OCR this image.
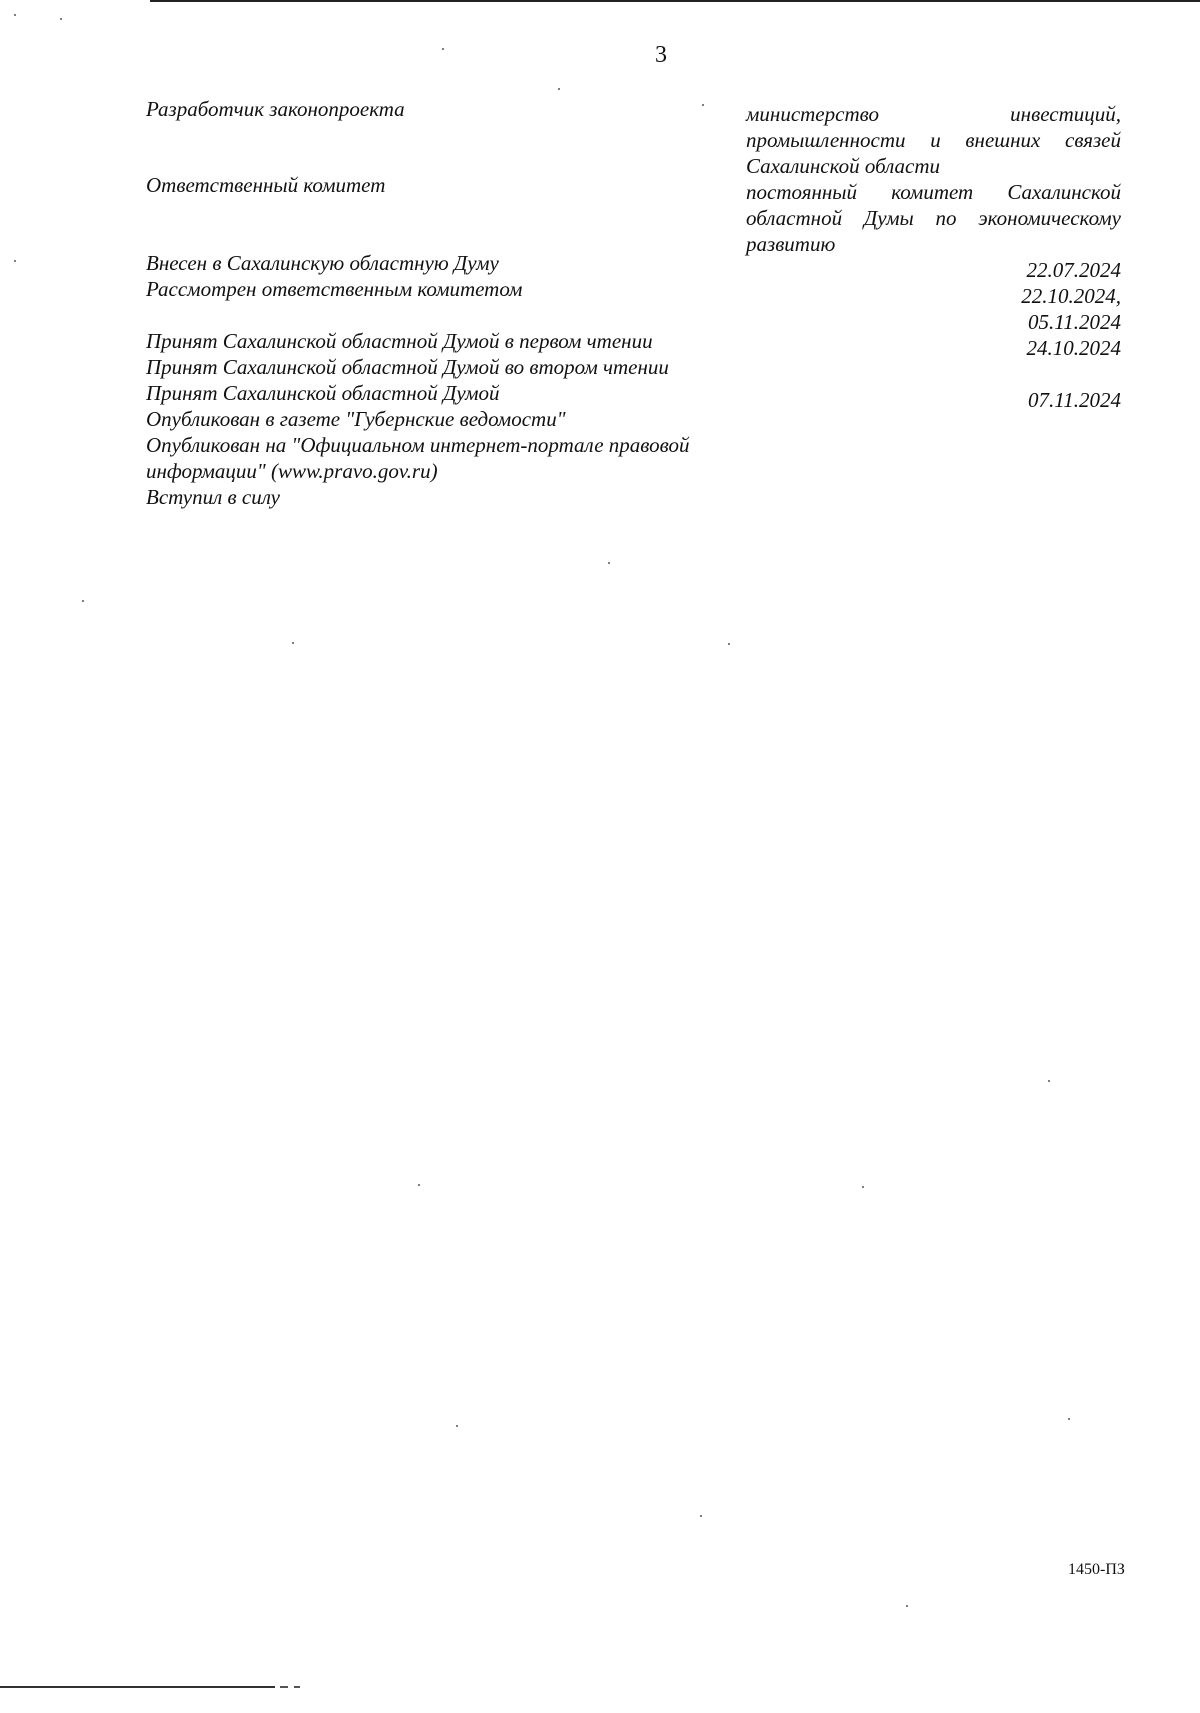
3
Разработчик законопроекта
Ответственный комитет
Внесен в Сахалинскую областную Думу
Рассмотрен ответственным комитетом
Принят Сахалинской областной Думой в первом чтении
Принят Сахалинской областной Думой во втором чтении
Принят Сахалинской областной Думой
Опубликован в газете "Губернские ведомости"
Опубликован на "Официальном интернет-портале правовой
информации" (www.pravo.gov.ru)
Вступил в силу
министерство инвестиций,
промышленности и внешних связей
Сахалинской области
постоянный комитет Сахалинской
областной Думы по экономическому
развитию
22.07.2024
22.10.2024,
05.11.2024
24.10.2024
07.11.2024
1450-ПЗ
